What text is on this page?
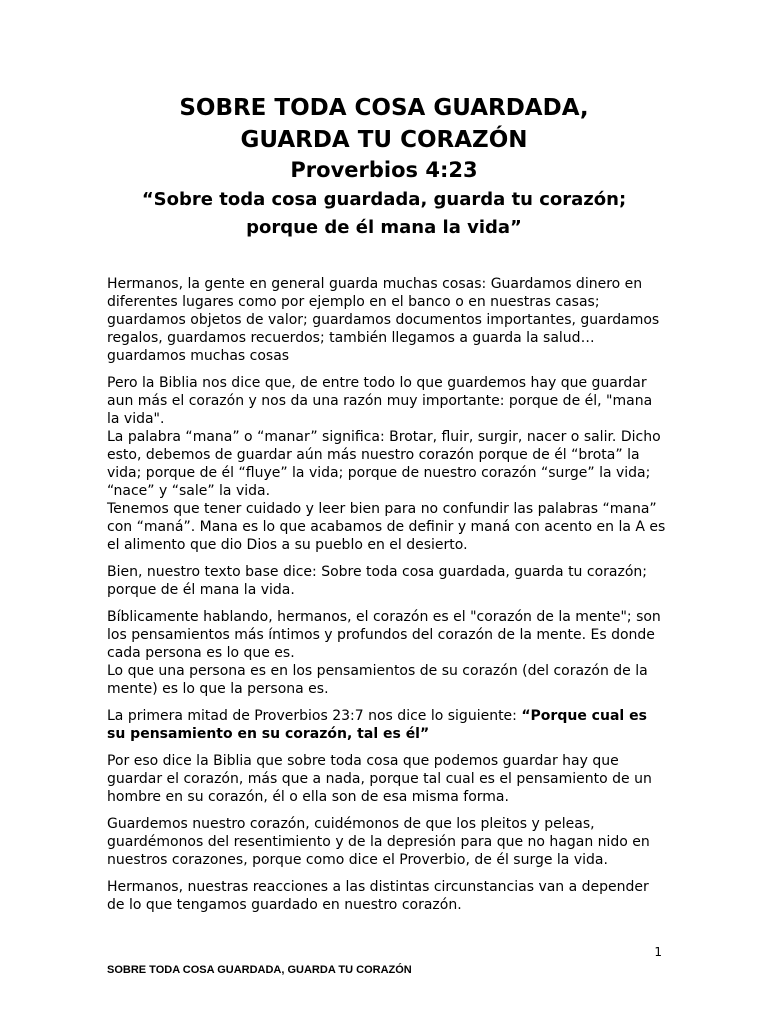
SOBRE TODA COSA GUARDADA,
GUARDA TU CORAZÓN
Proverbios 4:23
“Sobre toda cosa guardada, guarda tu corazón;
porque de él mana la vida”

Hermanos, la gente en general guarda muchas cosas: Guardamos dinero en
diferentes lugares como por ejemplo en el banco o en nuestras casas;
guardamos objetos de valor; guardamos documentos importantes, guardamos
regalos, guardamos recuerdos; también llegamos a guarda la salud…
guardamos muchas cosas

Pero la Biblia nos dice que, de entre todo lo que guardemos hay que guardar
aun más el corazón y nos da una razón muy importante: porque de él, "mana
la vida".
La palabra “mana” o “manar” significa: Brotar, fluir, surgir, nacer o salir. Dicho
esto, debemos de guardar aún más nuestro corazón porque de él “brota” la
vida; porque de él “fluye” la vida; porque de nuestro corazón “surge” la vida;
“nace” y “sale” la vida.
Tenemos que tener cuidado y leer bien para no confundir las palabras “mana”
con “maná”. Mana es lo que acabamos de definir y maná con acento en la A es
el alimento que dio Dios a su pueblo en el desierto.

Bien, nuestro texto base dice: Sobre toda cosa guardada, guarda tu corazón;
porque de él mana la vida.

Bíblicamente hablando, hermanos, el corazón es el "corazón de la mente"; son
los pensamientos más íntimos y profundos del corazón de la mente. Es donde
cada persona es lo que es.
Lo que una persona es en los pensamientos de su corazón (del corazón de la
mente) es lo que la persona es.

La primera mitad de Proverbios 23:7 nos dice lo siguiente: “Porque cual es
su pensamiento en su corazón, tal es él”

Por eso dice la Biblia que sobre toda cosa que podemos guardar hay que
guardar el corazón, más que a nada, porque tal cual es el pensamiento de un
hombre en su corazón, él o ella son de esa misma forma.

Guardemos nuestro corazón, cuidémonos de que los pleitos y peleas,
guardémonos del resentimiento y de la depresión para que no hagan nido en
nuestros corazones, porque como dice el Proverbio, de él surge la vida.

Hermanos, nuestras reacciones a las distintas circunstancias van a depender
de lo que tengamos guardado en nuestro corazón.

1
SOBRE TODA COSA GUARDADA, GUARDA TU CORAZÓN
